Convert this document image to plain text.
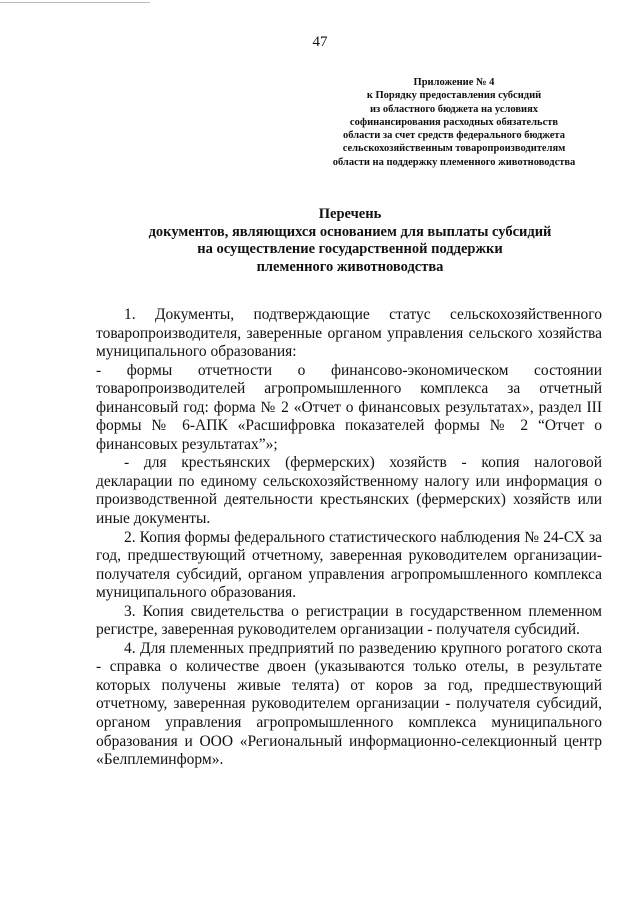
47
Приложение № 4
к Порядку предоставления субсидий
из областного бюджета на условиях
софинансирования расходных обязательств
области за счет средств федерального бюджета
сельскохозяйственным товаропроизводителям
области на поддержку племенного животноводства
Перечень
документов, являющихся основанием для выплаты субсидий
на осуществление государственной поддержки
племенного животноводства

1. Документы, подтверждающие статус сельскохозяйственного товаропроизводителя, заверенные органом управления сельского хозяйства муниципального образования:

- формы отчетности о финансово-экономическом состоянии товаропроизводителей агропромышленного комплекса за отчетный финансовый год: форма № 2 «Отчет о финансовых результатах», раздел III формы № 6-АПК «Расшифровка показателей формы № 2 “Отчет о финансовых результатах”»;

- для крестьянских (фермерских) хозяйств - копия налоговой декларации по единому сельскохозяйственному налогу или информация о производственной деятельности крестьянских (фермерских) хозяйств или иные документы.

2. Копия формы федерального статистического наблюдения № 24-СХ за год, предшествующий отчетному, заверенная руководителем организации-получателя субсидий, органом управления агропромышленного комплекса муниципального образования.

3. Копия свидетельства о регистрации в государственном племенном регистре, заверенная руководителем организации - получателя субсидий.

4. Для племенных предприятий по разведению крупного рогатого скота - справка о количестве двоен (указываются только отелы, в результате которых получены живые телята) от коров за год, предшествующий отчетному, заверенная руководителем организации - получателя субсидий, органом управления агропромышленного комплекса муниципального образования и ООО «Региональный информационно-селекционный центр «Белплеминформ».
